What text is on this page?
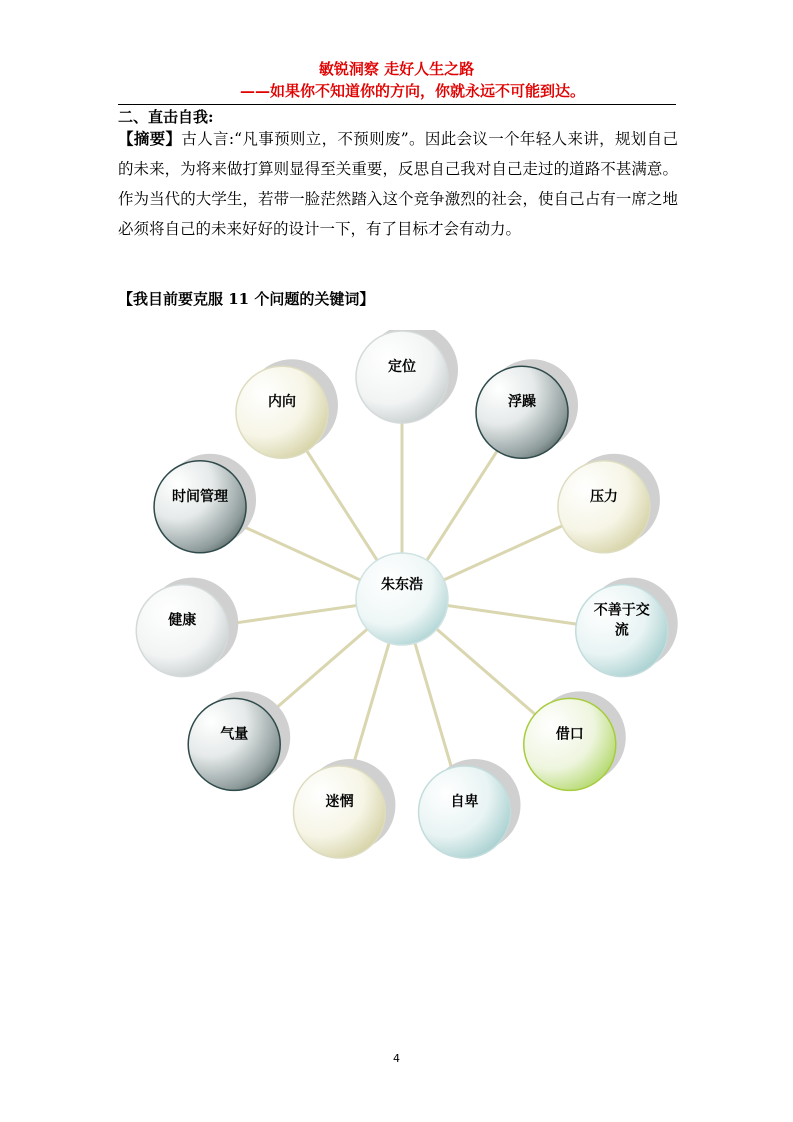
敏锐洞察 走好人生之路
——如果你不知道你的方向，你就永远不可能到达。
二、直击自我:
【摘要】古人言:“凡事预则立，不预则废”。因此会议一个年轻人来讲，规划自己的未来，为将来做打算则显得至关重要，反思自己我对自己走过的道路不甚满意。作为当代的大学生，若带一脸茫然踏入这个竞争激烈的社会，使自己占有一席之地必须将自己的未来好好的设计一下，有了目标才会有动力。
【我目前要克服 11 个问题的关键词】
定位
浮躁
压力
不善于交流
借口
自卑
迷惘
气量
健康
时间管理
内向
朱东浩
4
